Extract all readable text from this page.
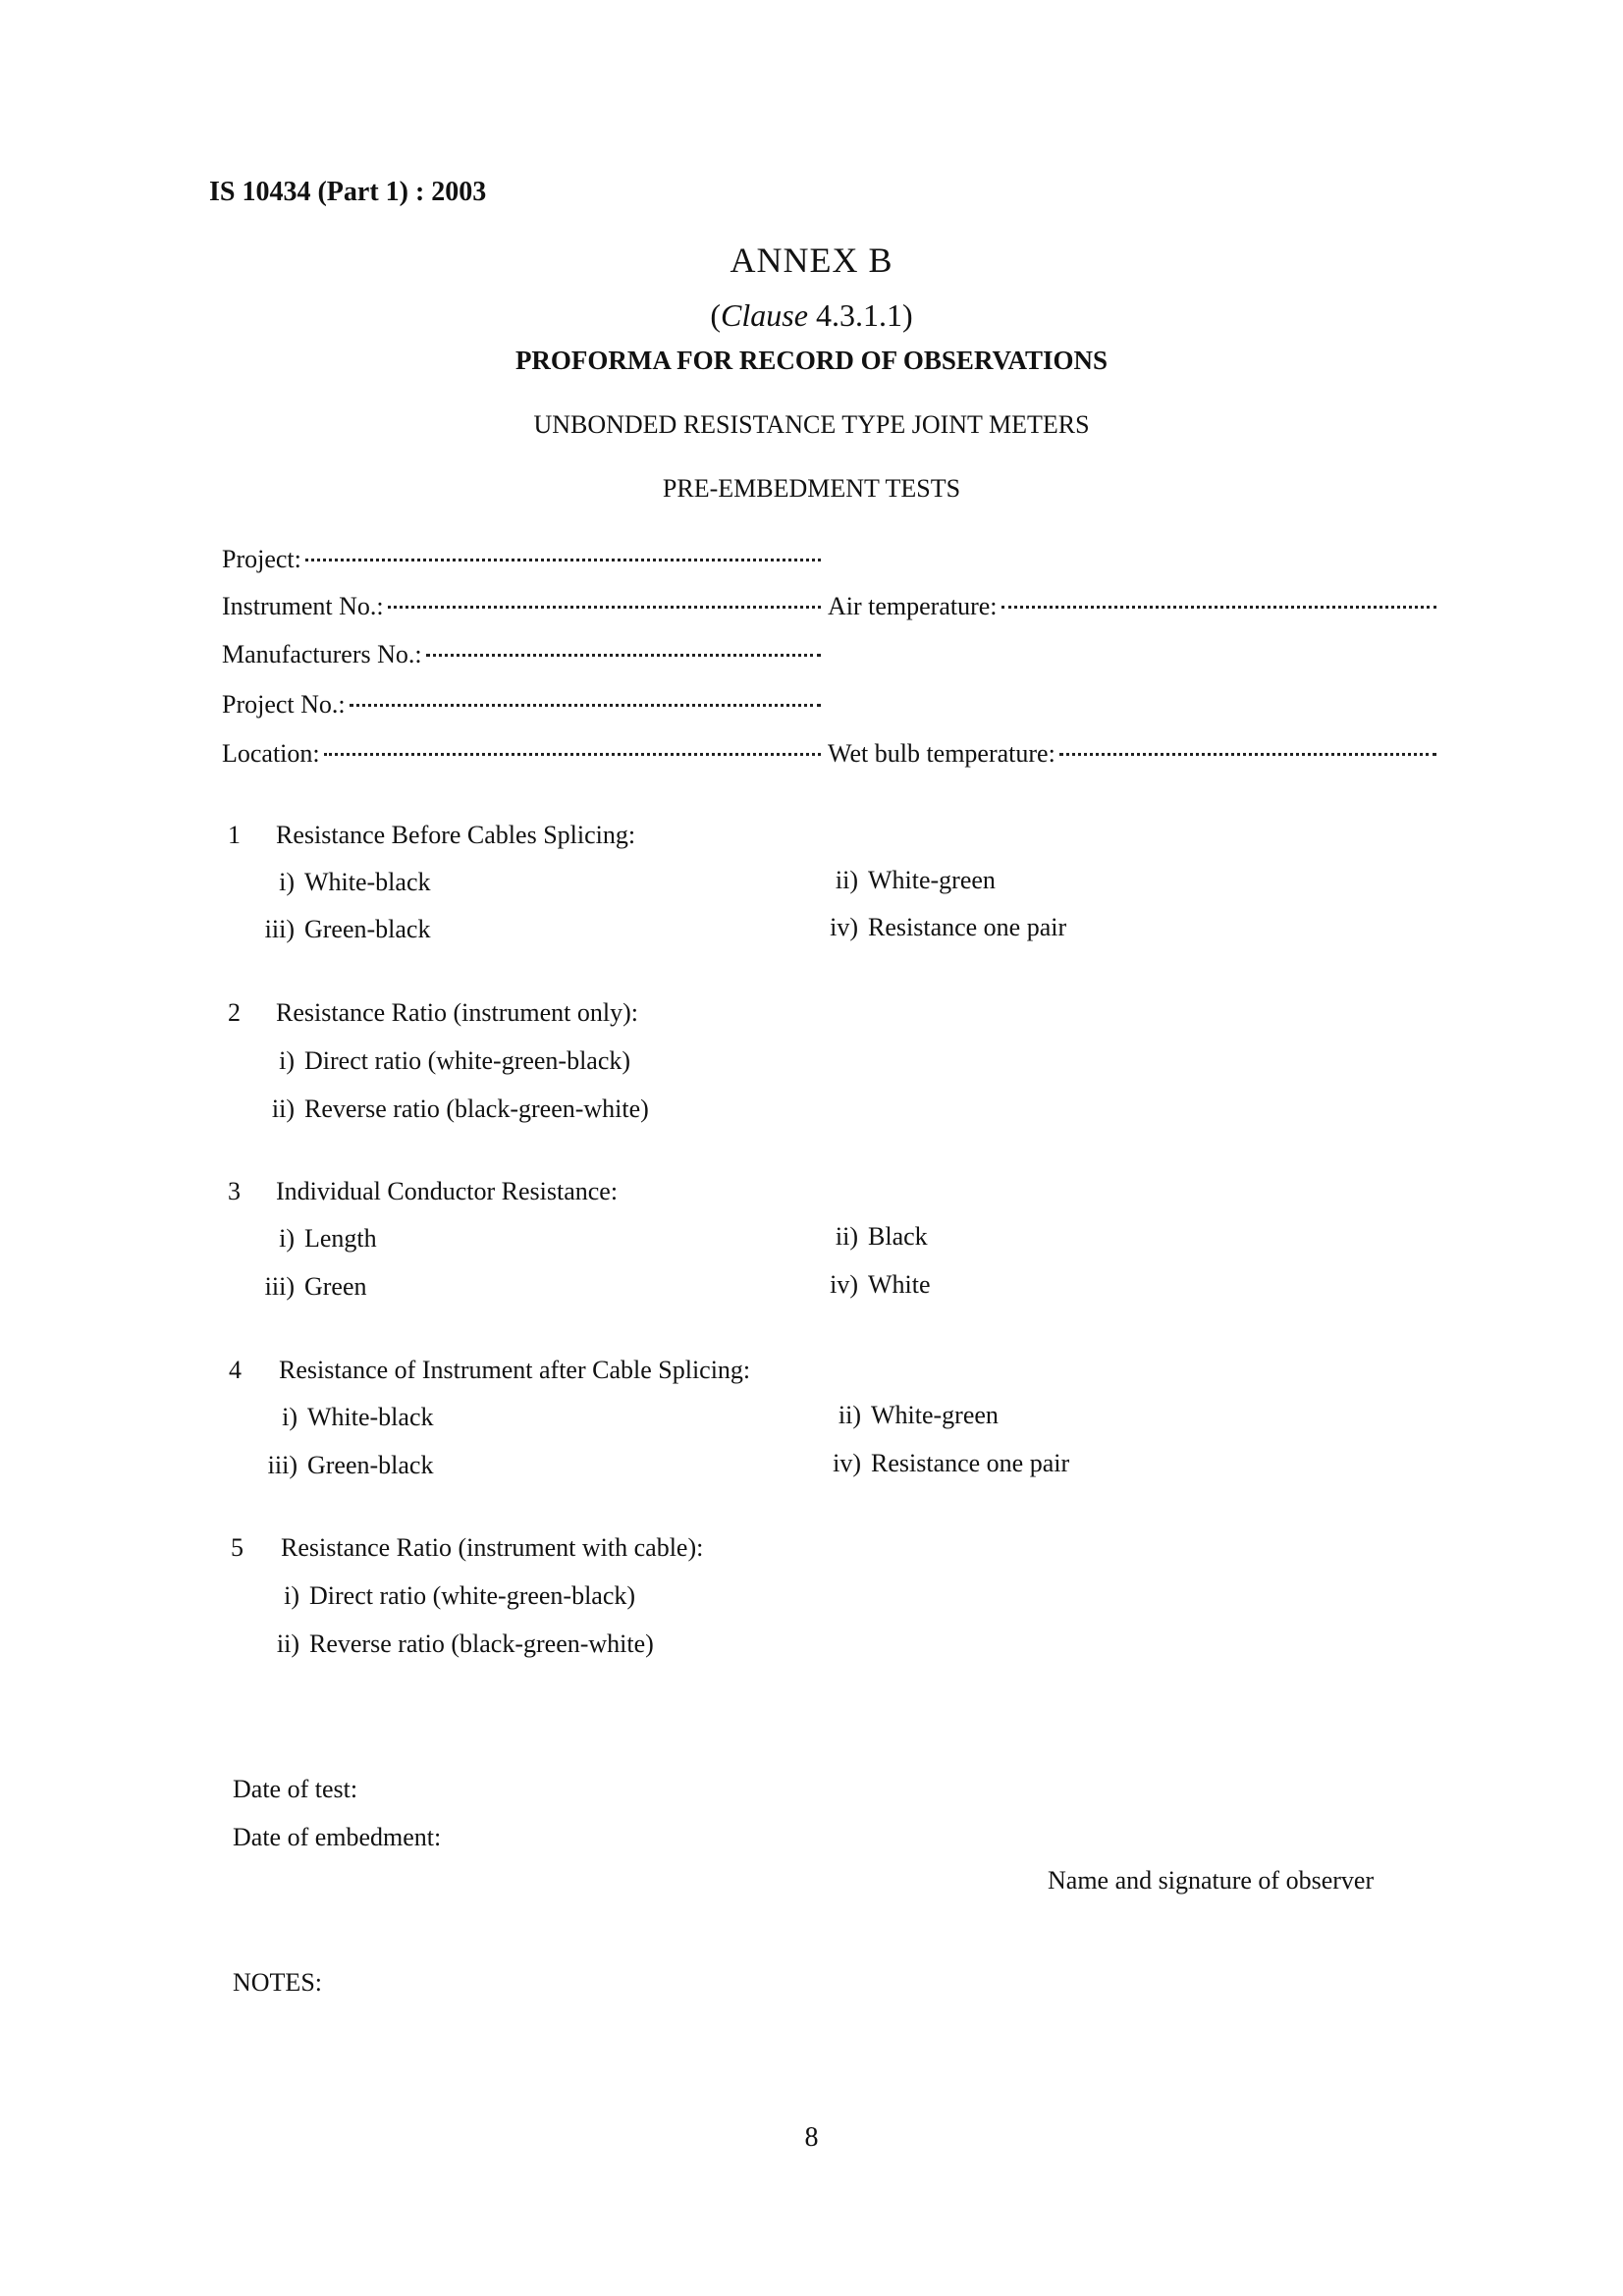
IS 10434 (Part 1) : 2003
ANNEX B
(Clause 4.3.1.1)
PROFORMA FOR RECORD OF OBSERVATIONS
UNBONDED RESISTANCE TYPE JOINT METERS
PRE-EMBEDMENT TESTS
Project:
Instrument No.:	Air temperature:
Manufacturers No.:
Project No.:
Location:	Wet bulb temperature:
1 Resistance Before Cables Splicing:
i) White-black	ii) White-green
iii) Green-black	iv) Resistance one pair
2 Resistance Ratio (instrument only):
i) Direct ratio (white-green-black)
ii) Reverse ratio (black-green-white)
3 Individual Conductor Resistance:
i) Length	ii) Black
iii) Green	iv) White
4 Resistance of Instrument after Cable Splicing:
i) White-black	ii) White-green
iii) Green-black	iv) Resistance one pair
5 Resistance Ratio (instrument with cable):
i) Direct ratio (white-green-black)
ii) Reverse ratio (black-green-white)
Date of test:
Date of embedment:
Name and signature of observer
NOTES:
8
